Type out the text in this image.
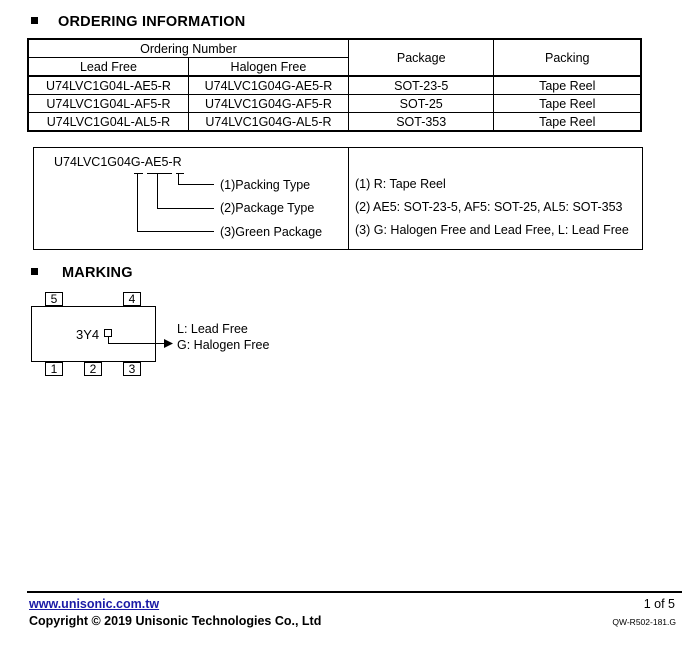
ORDERING INFORMATION
Ordering Number		Package	Packing
Lead Free	Halogen Free		
U74LVC1G04L-AE5-R	U74LVC1G04G-AE5-R	SOT-23-5	Tape Reel
U74LVC1G04L-AF5-R	U74LVC1G04G-AF5-R	SOT-25	Tape Reel
U74LVC1G04L-AL5-R	U74LVC1G04G-AL5-R	SOT-353	Tape Reel
U74LVC1G04G-AE5-R
(1)Packing Type
(2)Package Type
(3)Green Package
(1) R: Tape Reel
(2) AE5: SOT-23-5, AF5: SOT-25, AL5: SOT-353
(3) G: Halogen Free and Lead Free, L: Lead Free
MARKING
5	4
1	2	3
3Y4	L: Lead Free
G: Halogen Free
www.unisonic.com.tw	1 of 5
Copyright © 2019 Unisonic Technologies Co., Ltd	QW-R502-181.G
